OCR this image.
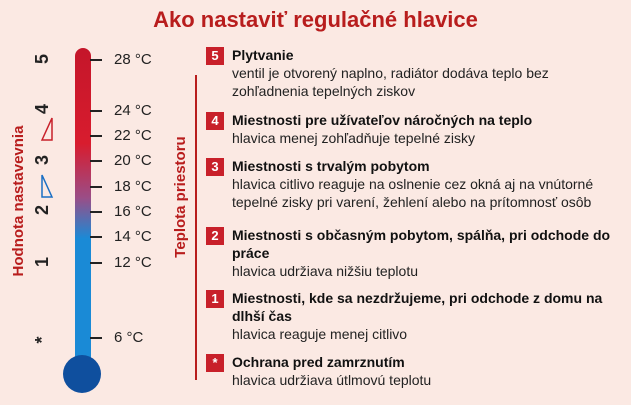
Ako nastaviť regulačné hlavice
Hodnota nastavevnia	Teplota priestoru
28 °C
24 °C
22 °C
20 °C
18 °C
16 °C
14 °C
12 °C
6 °C
5
4
3
2
1
*
5 Plytvanie
ventil je otvorený naplno, radiátor dodáva teplo bez zohľadnenia tepelných ziskov
4 Miestnosti pre užívateľov náročných na teplo
hlavica menej zohľadňuje tepelné zisky
3 Miestnosti s trvalým pobytom
hlavica citlivo reaguje na oslnenie cez okná aj na vnútorné tepelné zisky pri varení, žehlení alebo na prítomnosť osôb
2 Miestnosti s občasným pobytom, spálňa, pri odchode do práce
hlavica udržiava nižšiu teplotu
1 Miestnosti, kde sa nezdržujeme, pri odchode z domu na dlhší čas
hlavica reaguje menej citlivo
*	Ochrana pred zamrznutím
hlavica udržiava útlmovú teplotu
